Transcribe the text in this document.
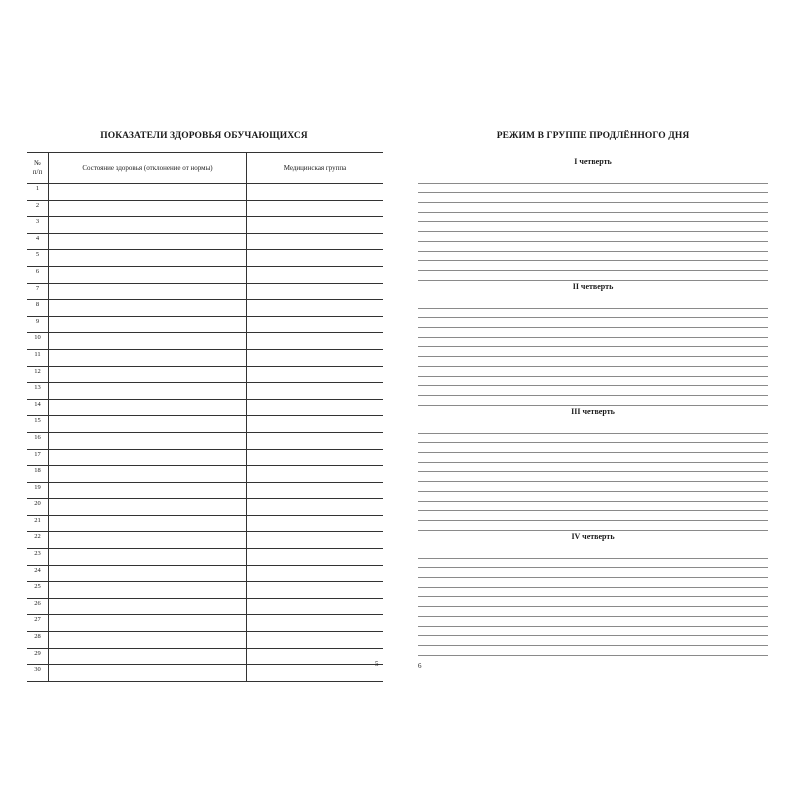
ПОКАЗАТЕЛИ ЗДОРОВЬЯ ОБУЧАЮЩИХСЯ
№
п/п	Состояние здоровья (отклонение от нормы)	Медицинская группа
1		
2		
3		
4		
5		
6		
7		
8		
9		
10		
11		
12		
13		
14		
15		
16		
17		
18		
19		
20		
21		
22		
23		
24		
25		
26		
27		
28		
29		
30		
5
РЕЖИМ В ГРУППЕ ПРОДЛЁННОГО ДНЯ
I четверть
II четверть
III четверть
IV четверть
6
